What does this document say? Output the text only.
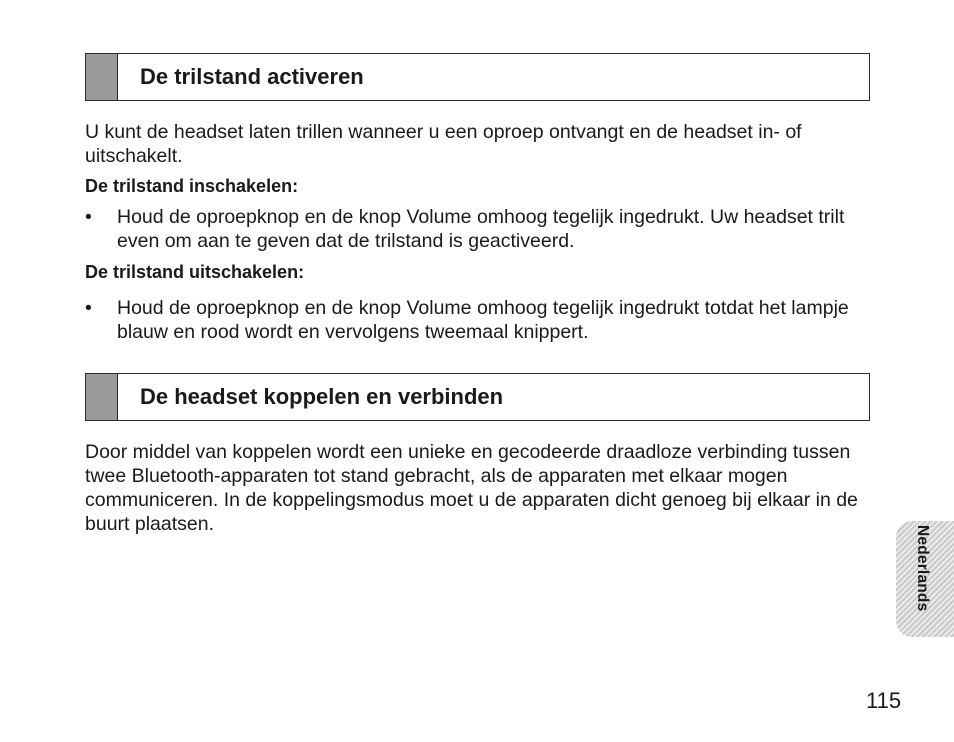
De trilstand activeren

U kunt de headset laten trillen wanneer u een oproep ontvangt en de headset in- of uitschakelt.

De trilstand inschakelen:

• Houd de oproepknop en de knop Volume omhoog tegelijk ingedrukt. Uw headset trilt even om aan te geven dat de trilstand is geactiveerd.

De trilstand uitschakelen:

• Houd de oproepknop en de knop Volume omhoog tegelijk ingedrukt totdat het lampje blauw en rood wordt en vervolgens tweemaal knippert.
De headset koppelen en verbinden

Door middel van koppelen wordt een unieke en gecodeerde draadloze verbinding tussen twee Bluetooth-apparaten tot stand gebracht, als de apparaten met elkaar mogen communiceren. In de koppelingsmodus moet u de apparaten dicht genoeg bij elkaar in de buurt plaatsen.

Nederlands
115
